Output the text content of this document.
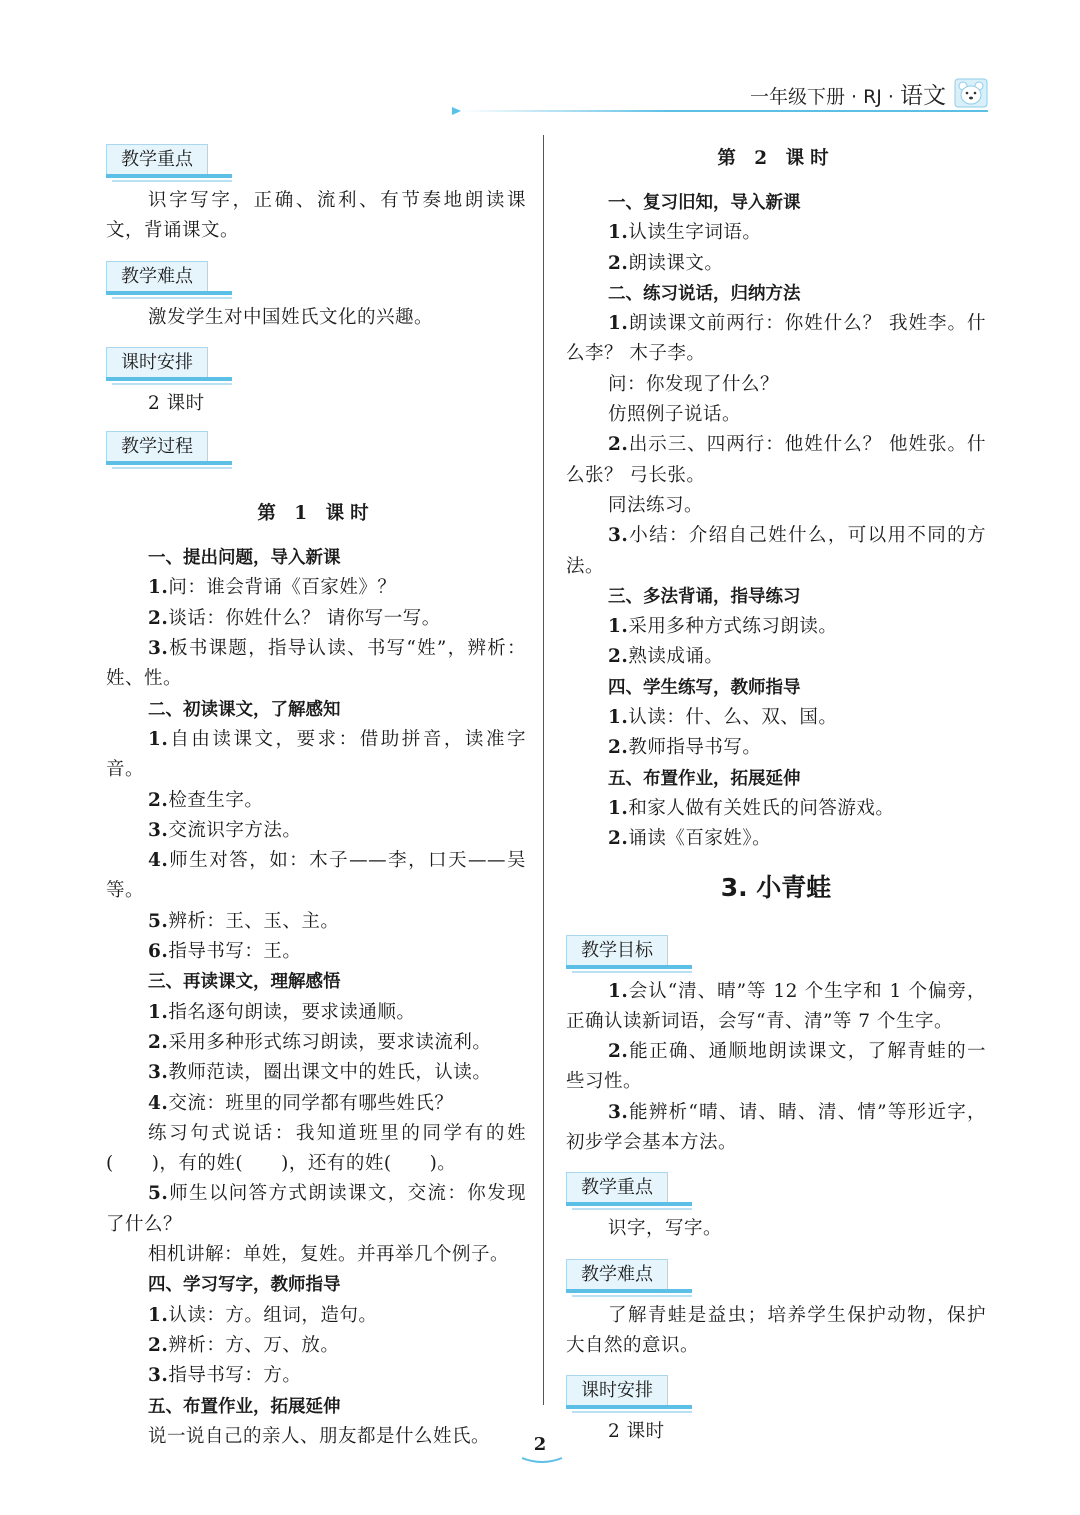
一年级下册 · RJ · 语文
教学重点

识字写字，正确、流利、有节奏地朗读课文，背诵课文。

教学难点

激发学生对中国姓氏文化的兴趣。

课时安排

2 课时

教学过程
第 1 课时

一、提出问题，导入新课

1.问：谁会背诵《百家姓》？

2.谈话：你姓什么？ 请你写一写。

3.板书课题，指导认读、书写“姓”，辨析：姓、性。

二、初读课文，了解感知

1.自由读课文，要求：借助拼音，读准字音。

2.检查生字。

3.交流识字方法。

4.师生对答，如：木子——李，口天——吴等。

5.辨析：王、玉、主。

6.指导书写：王。

三、再读课文，理解感悟

1.指名逐句朗读，要求读通顺。

2.采用多种形式练习朗读，要求读流利。

3.教师范读，圈出课文中的姓氏，认读。

4.交流：班里的同学都有哪些姓氏？

练习句式说话：我知道班里的同学有的姓(　　)，有的姓(　　)，还有的姓(　　)。

5.师生以问答方式朗读课文，交流：你发现了什么？

相机讲解：单姓，复姓。并再举几个例子。

四、学习写字，教师指导

1.认读：方。组词，造句。

2.辨析：方、万、放。

3.指导书写：方。

五、布置作业，拓展延伸

说一说自己的亲人、朋友都是什么姓氏。

第 2 课时

一、复习旧知，导入新课

1.认读生字词语。

2.朗读课文。

二、练习说话，归纳方法

1.朗读课文前两行：你姓什么？ 我姓李。什么李？ 木子李。

问：你发现了什么？

仿照例子说话。

2.出示三、四两行：他姓什么？ 他姓张。什么张？ 弓长张。

同法练习。

3.小结：介绍自己姓什么，可以用不同的方法。

三、多法背诵，指导练习

1.采用多种方式练习朗读。

2.熟读成诵。

四、学生练写，教师指导

1.认读：什、么、双、国。

2.教师指导书写。

五、布置作业，拓展延伸

1.和家人做有关姓氏的问答游戏。

2.诵读《百家姓》。

3. 小青蛙
教学目标

1.会认“清、晴”等 12 个生字和 1 个偏旁，正确认读新词语，会写“青、清”等 7 个生字。

2.能正确、通顺地朗读课文，了解青蛙的一些习性。

3.能辨析“晴、请、睛、清、情”等形近字，初步学会基本方法。

教学重点

识字，写字。

教学难点

了解青蛙是益虫；培养学生保护动物，保护大自然的意识。

课时安排

2 课时

2
